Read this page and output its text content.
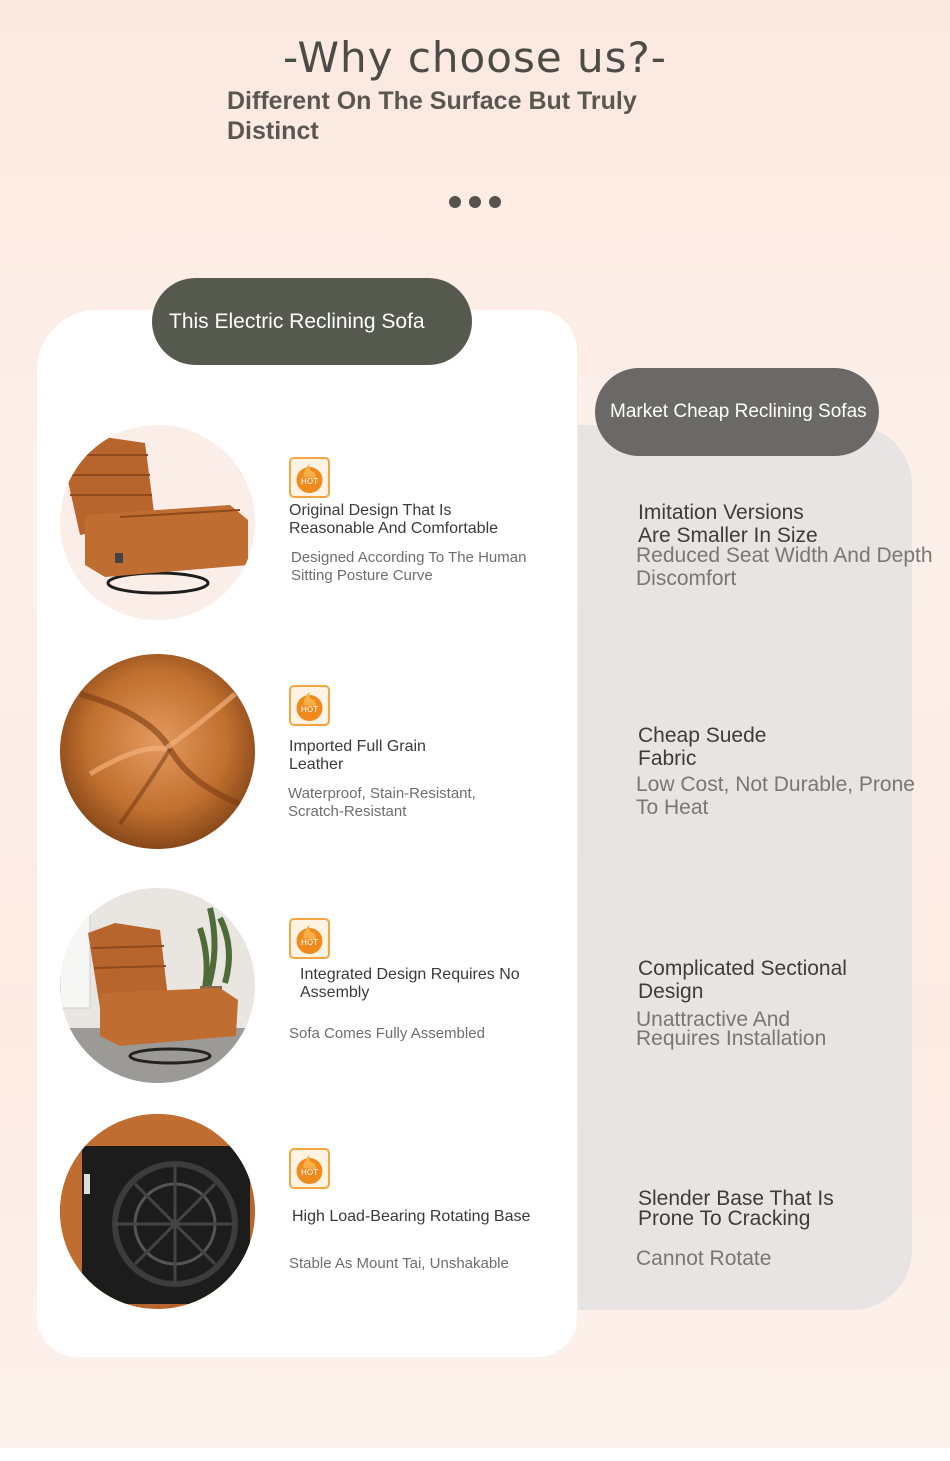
-Why choose us?-
Different On The Surface But Truly Distinct
This Electric Reclining Sofa
Market Cheap Reclining Sofas
HOT
HOT
HOT
HOT
Original Design That Is Reasonable And Comfortable
Designed According To The Human Sitting Posture Curve
Imported Full Grain Leather
Waterproof, Stain-Resistant, Scratch-Resistant
Integrated Design Requires No Assembly
Sofa Comes Fully Assembled
High Load-Bearing Rotating Base
Stable As Mount Tai, Unshakable
Imitation Versions Are Smaller In Size
Reduced Seat Width And Depth Discomfort
Cheap Suede Fabric
Low Cost, Not Durable, Prone To Heat
Complicated Sectional Design
Unattractive And Requires Installation
Slender Base That Is Prone To Cracking
Cannot Rotate
